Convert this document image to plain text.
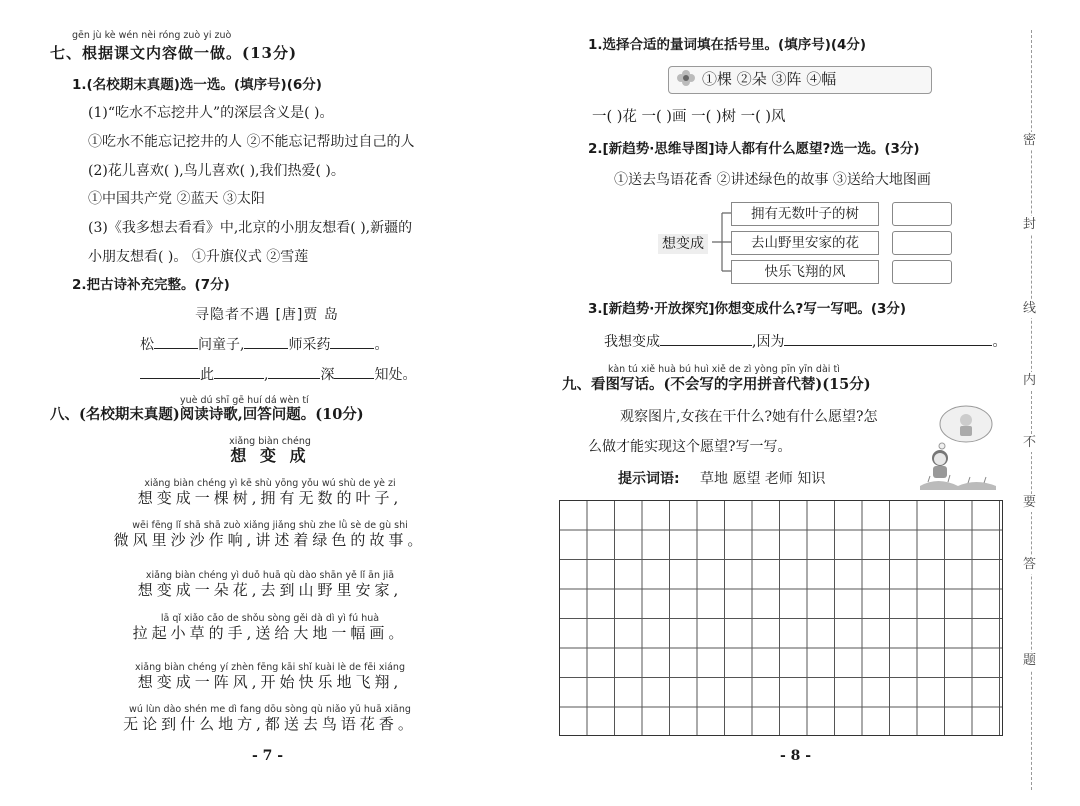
gēn jù kè wén nèi róng zuò yi zuò
七、根据课文内容做一做。(13分)
1.(名校期末真题)选一选。(填序号)(6分)
(1)“吃水不忘挖井人”的深层含义是( )。
①吃水不能忘记挖井的人 ②不能忘记帮助过自己的人
(2)花儿喜欢( ),鸟儿喜欢( ),我们热爱( )。
①中国共产党 ②蓝天 ③太阳
(3)《我多想去看看》中,北京的小朋友想看( ),新疆的
小朋友想看( )。 ①升旗仪式 ②雪莲
2.把古诗补充完整。(7分)
寻隐者不遇 [唐]贾 岛
松	问童子,	师采药	。
此	,	深	知处。
yuè dú shī gē huí dá wèn tí
八、(名校期末真题)阅读诗歌,回答问题。(10分)
xiǎng biàn chéng
想 变 成
xiǎng biàn chéng yì kē shù yōng yǒu wú shù de yè zi
想变成一棵树,拥有无数的叶子,
wēi fēng lǐ shā shā zuò xiǎng jiǎng shù zhe lǜ sè de gù shi
微风里沙沙作响,讲述着绿色的故事。
xiǎng biàn chéng yì duǒ huā qù dào shān yě lǐ ān jiā
想变成一朵花,去到山野里安家,
lā qǐ xiǎo cǎo de shǒu sòng gěi dà dì yì fú huà
拉起小草的手,送给大地一幅画。
xiǎng biàn chéng yí zhèn fēng kāi shǐ kuài lè de fēi xiáng
想变成一阵风,开始快乐地飞翔,
wú lùn dào shén me dì fang dōu sòng qù niǎo yǔ huā xiāng
无论到什么地方,都送去鸟语花香。
- 7 -
1.选择合适的量词填在括号里。(填序号)(4分)
①棵 ②朵 ③阵 ④幅
一( )花 一( )画 一( )树 一( )风
2.[新趋势·思维导图]诗人都有什么愿望?选一选。(3分)
①送去鸟语花香 ②讲述绿色的故事 ③送给大地图画
想变成
拥有无数叶子的树
去山野里安家的花
快乐飞翔的风
3.[新趋势·开放探究]你想变成什么?写一写吧。(3分)
我想变成	,因为	。
kàn tú xiě huà bú huì xiě de zì yòng pīn yīn dài tì
九、看图写话。(不会写的字用拼音代替)(15分)
观察图片,女孩在干什么?她有什么愿望?怎
么做才能实现这个愿望?写一写。
提示词语: 草地 愿望 老师 知识
- 8 -
密
封
线
内
不
要
答
题
